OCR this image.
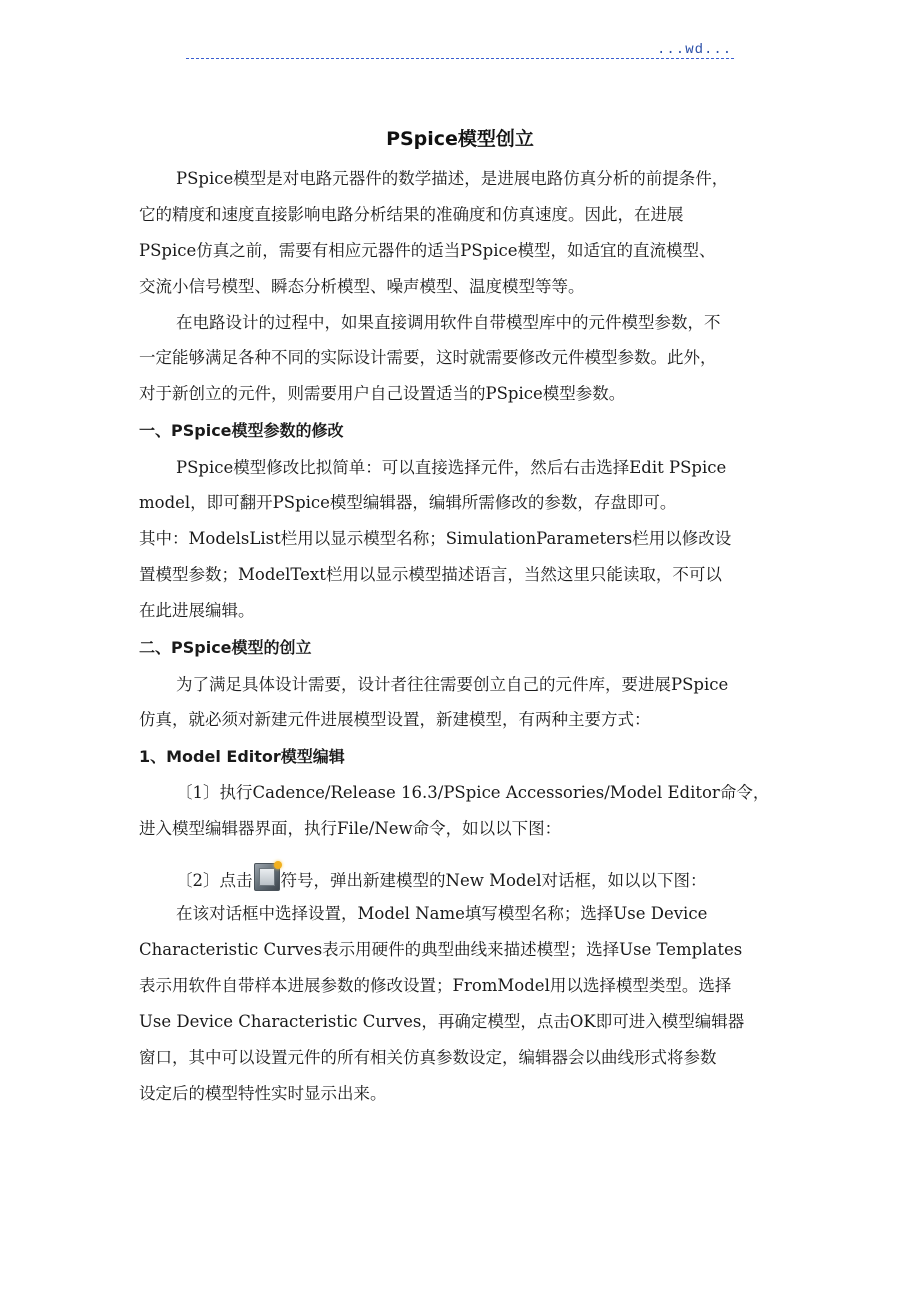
...wd...
PSpice模型创立
PSpice模型是对电路元器件的数学描述，是进展电路仿真分析的前提条件，
它的精度和速度直接影响电路分析结果的准确度和仿真速度。因此，在进展
PSpice仿真之前，需要有相应元器件的适当PSpice模型，如适宜的直流模型、
交流小信号模型、瞬态分析模型、噪声模型、温度模型等等。
在电路设计的过程中，如果直接调用软件自带模型库中的元件模型参数，不
一定能够满足各种不同的实际设计需要，这时就需要修改元件模型参数。此外，
对于新创立的元件，则需要用户自己设置适当的PSpice模型参数。
一、PSpice模型参数的修改
PSpice模型修改比拟简单：可以直接选择元件，然后右击选择Edit PSpice
model，即可翻开PSpice模型编辑器，编辑所需修改的参数，存盘即可。
其中：ModelsList栏用以显示模型名称；SimulationParameters栏用以修改设
置模型参数；ModelText栏用以显示模型描述语言，当然这里只能读取，不可以
在此进展编辑。
二、PSpice模型的创立
为了满足具体设计需要，设计者往往需要创立自己的元件库，要进展PSpice
仿真，就必须对新建元件进展模型设置，新建模型，有两种主要方式：
1、Model Editor模型编辑
〔1〕执行Cadence/Release 16.3/PSpice Accessories/Model Editor命令，
进入模型编辑器界面，执行File/New命令，如以以下图：
〔2〕点击 符号，弹出新建模型的New Model对话框，如以以下图：
在该对话框中选择设置，Model Name填写模型名称；选择Use Device
Characteristic Curves表示用硬件的典型曲线来描述模型；选择Use Templates
表示用软件自带样本进展参数的修改设置；FromModel用以选择模型类型。选择
Use Device Characteristic Curves，再确定模型，点击OK即可进入模型编辑器
窗口，其中可以设置元件的所有相关仿真参数设定，编辑器会以曲线形式将参数
设定后的模型特性实时显示出来。
